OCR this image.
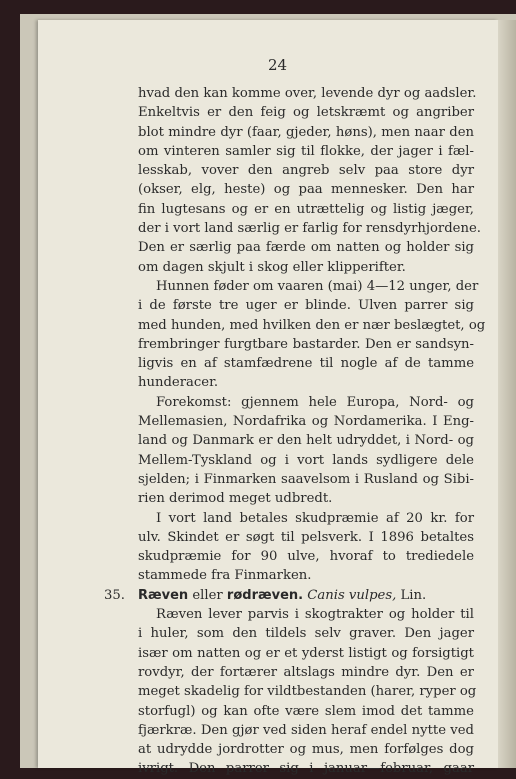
24
hvad den kan komme over, levende dyr og aadsler.
Enkeltvis er den feig og letskræmt og angriber
blot mindre dyr (faar, gjeder, høns), men naar den
om vinteren samler sig til flokke, der jager i fæl-
lesskab, vover den angreb selv paa store dyr
(okser, elg, heste) og paa mennesker. Den har
fin lugtesans og er en utrættelig og listig jæger,
der i vort land særlig er farlig for rensdyrhjordene.
Den er særlig paa færde om natten og holder sig
om dagen skjult i skog eller klipperifter.
Hunnen føder om vaaren (mai) 4—12 unger, der
i de første tre uger er blinde. Ulven parrer sig
med hunden, med hvilken den er nær beslægtet, og
frembringer furgtbare bastarder. Den er sandsyn-
ligvis en af stamfædrene til nogle af de tamme
hunderacer.
Forekomst: gjennem hele Europa, Nord- og
Mellemasien, Nordafrika og Nordamerika. I Eng-
land og Danmark er den helt udryddet, i Nord- og
Mellem-Tyskland og i vort lands sydligere dele
sjelden; i Finmarken saavelsom i Rusland og Sibi-
rien derimod meget udbredt.
I vort land betales skudpræmie af 20 kr. for
ulv. Skindet er søgt til pelsverk. I 1896 betaltes
skudpræmie for 90 ulve, hvoraf to trediedele
stammede fra Finmarken.
35. Ræven eller rødræven. Canis vulpes, Lin.
Ræven lever parvis i skogtrakter og holder til
i huler, som den tildels selv graver. Den jager
især om natten og er et yderst listigt og forsigtigt
rovdyr, der fortærer altslags mindre dyr. Den er
meget skadelig for vildtbestanden (harer, ryper og
storfugl) og kan ofte være slem imod det tamme
fjærkræ. Den gjør ved siden heraf endel nytte ved
at udrydde jordrotter og mus, men forfølges dog
ivrigt. Den parrer sig i januar—februar, gaar
